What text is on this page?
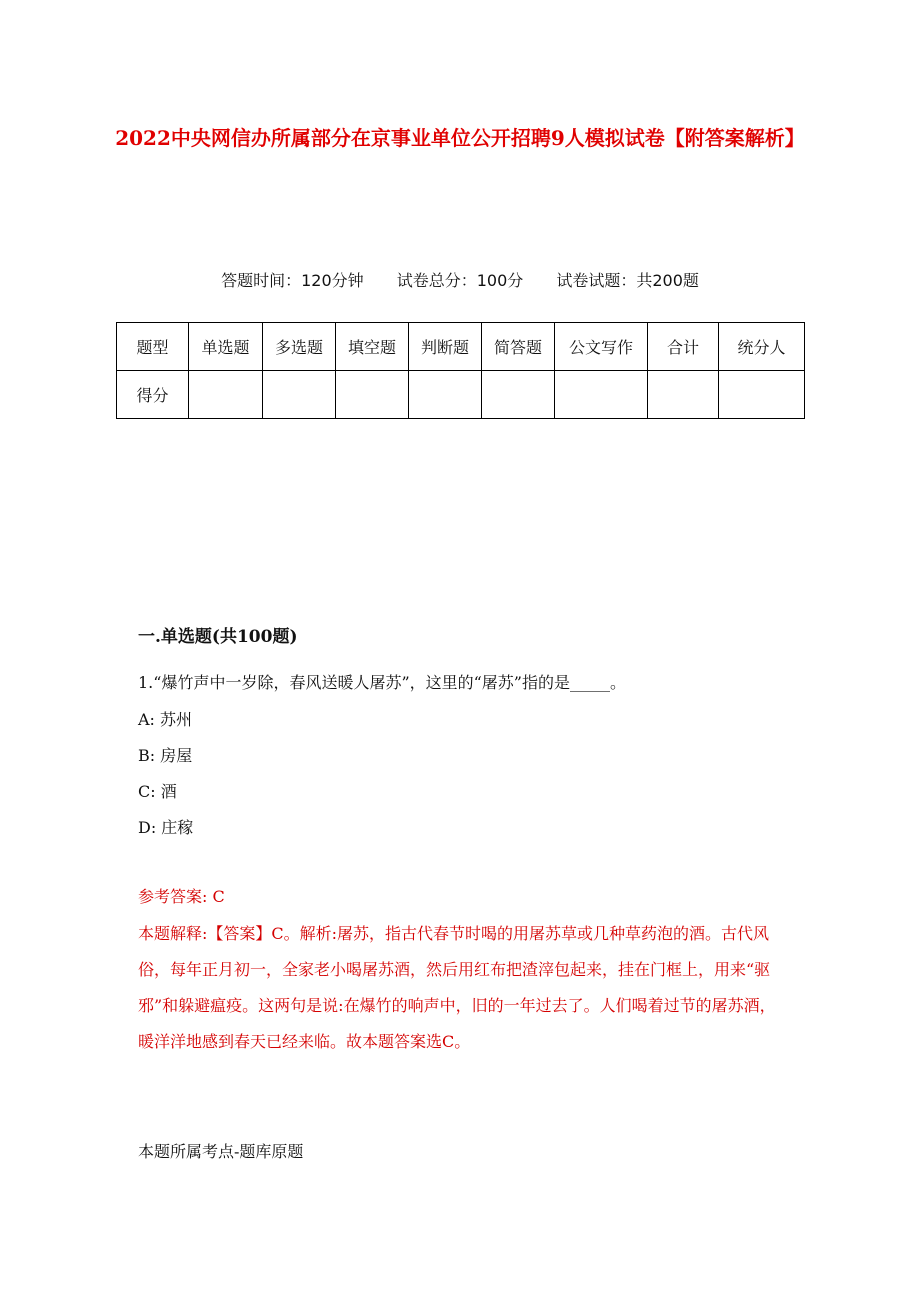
2022中央网信办所属部分在京事业单位公开招聘9人模拟试卷【附答案解析】
答题时间：120分钟 试卷总分：100分 试卷试题：共200题
题型	单选题	多选题	填空题	判断题	简答题	公文写作	合计	统分人
得分								
一.单选题(共100题)
1.“爆竹声中一岁除，春风送暖人屠苏”，这里的“屠苏”指的是_____。
A: 苏州
B: 房屋
C: 酒
D: 庄稼
参考答案: C

本题解释:【答案】C。解析:屠苏，指古代春节时喝的用屠苏草或几种草药泡的酒。古代风俗，每年正月初一，全家老小喝屠苏酒，然后用红布把渣滓包起来，挂在门框上，用来“驱邪”和躲避瘟疫。这两句是说:在爆竹的响声中，旧的一年过去了。人们喝着过节的屠苏酒，暖洋洋地感到春天已经来临。故本题答案选C。

本题所属考点-题库原题
